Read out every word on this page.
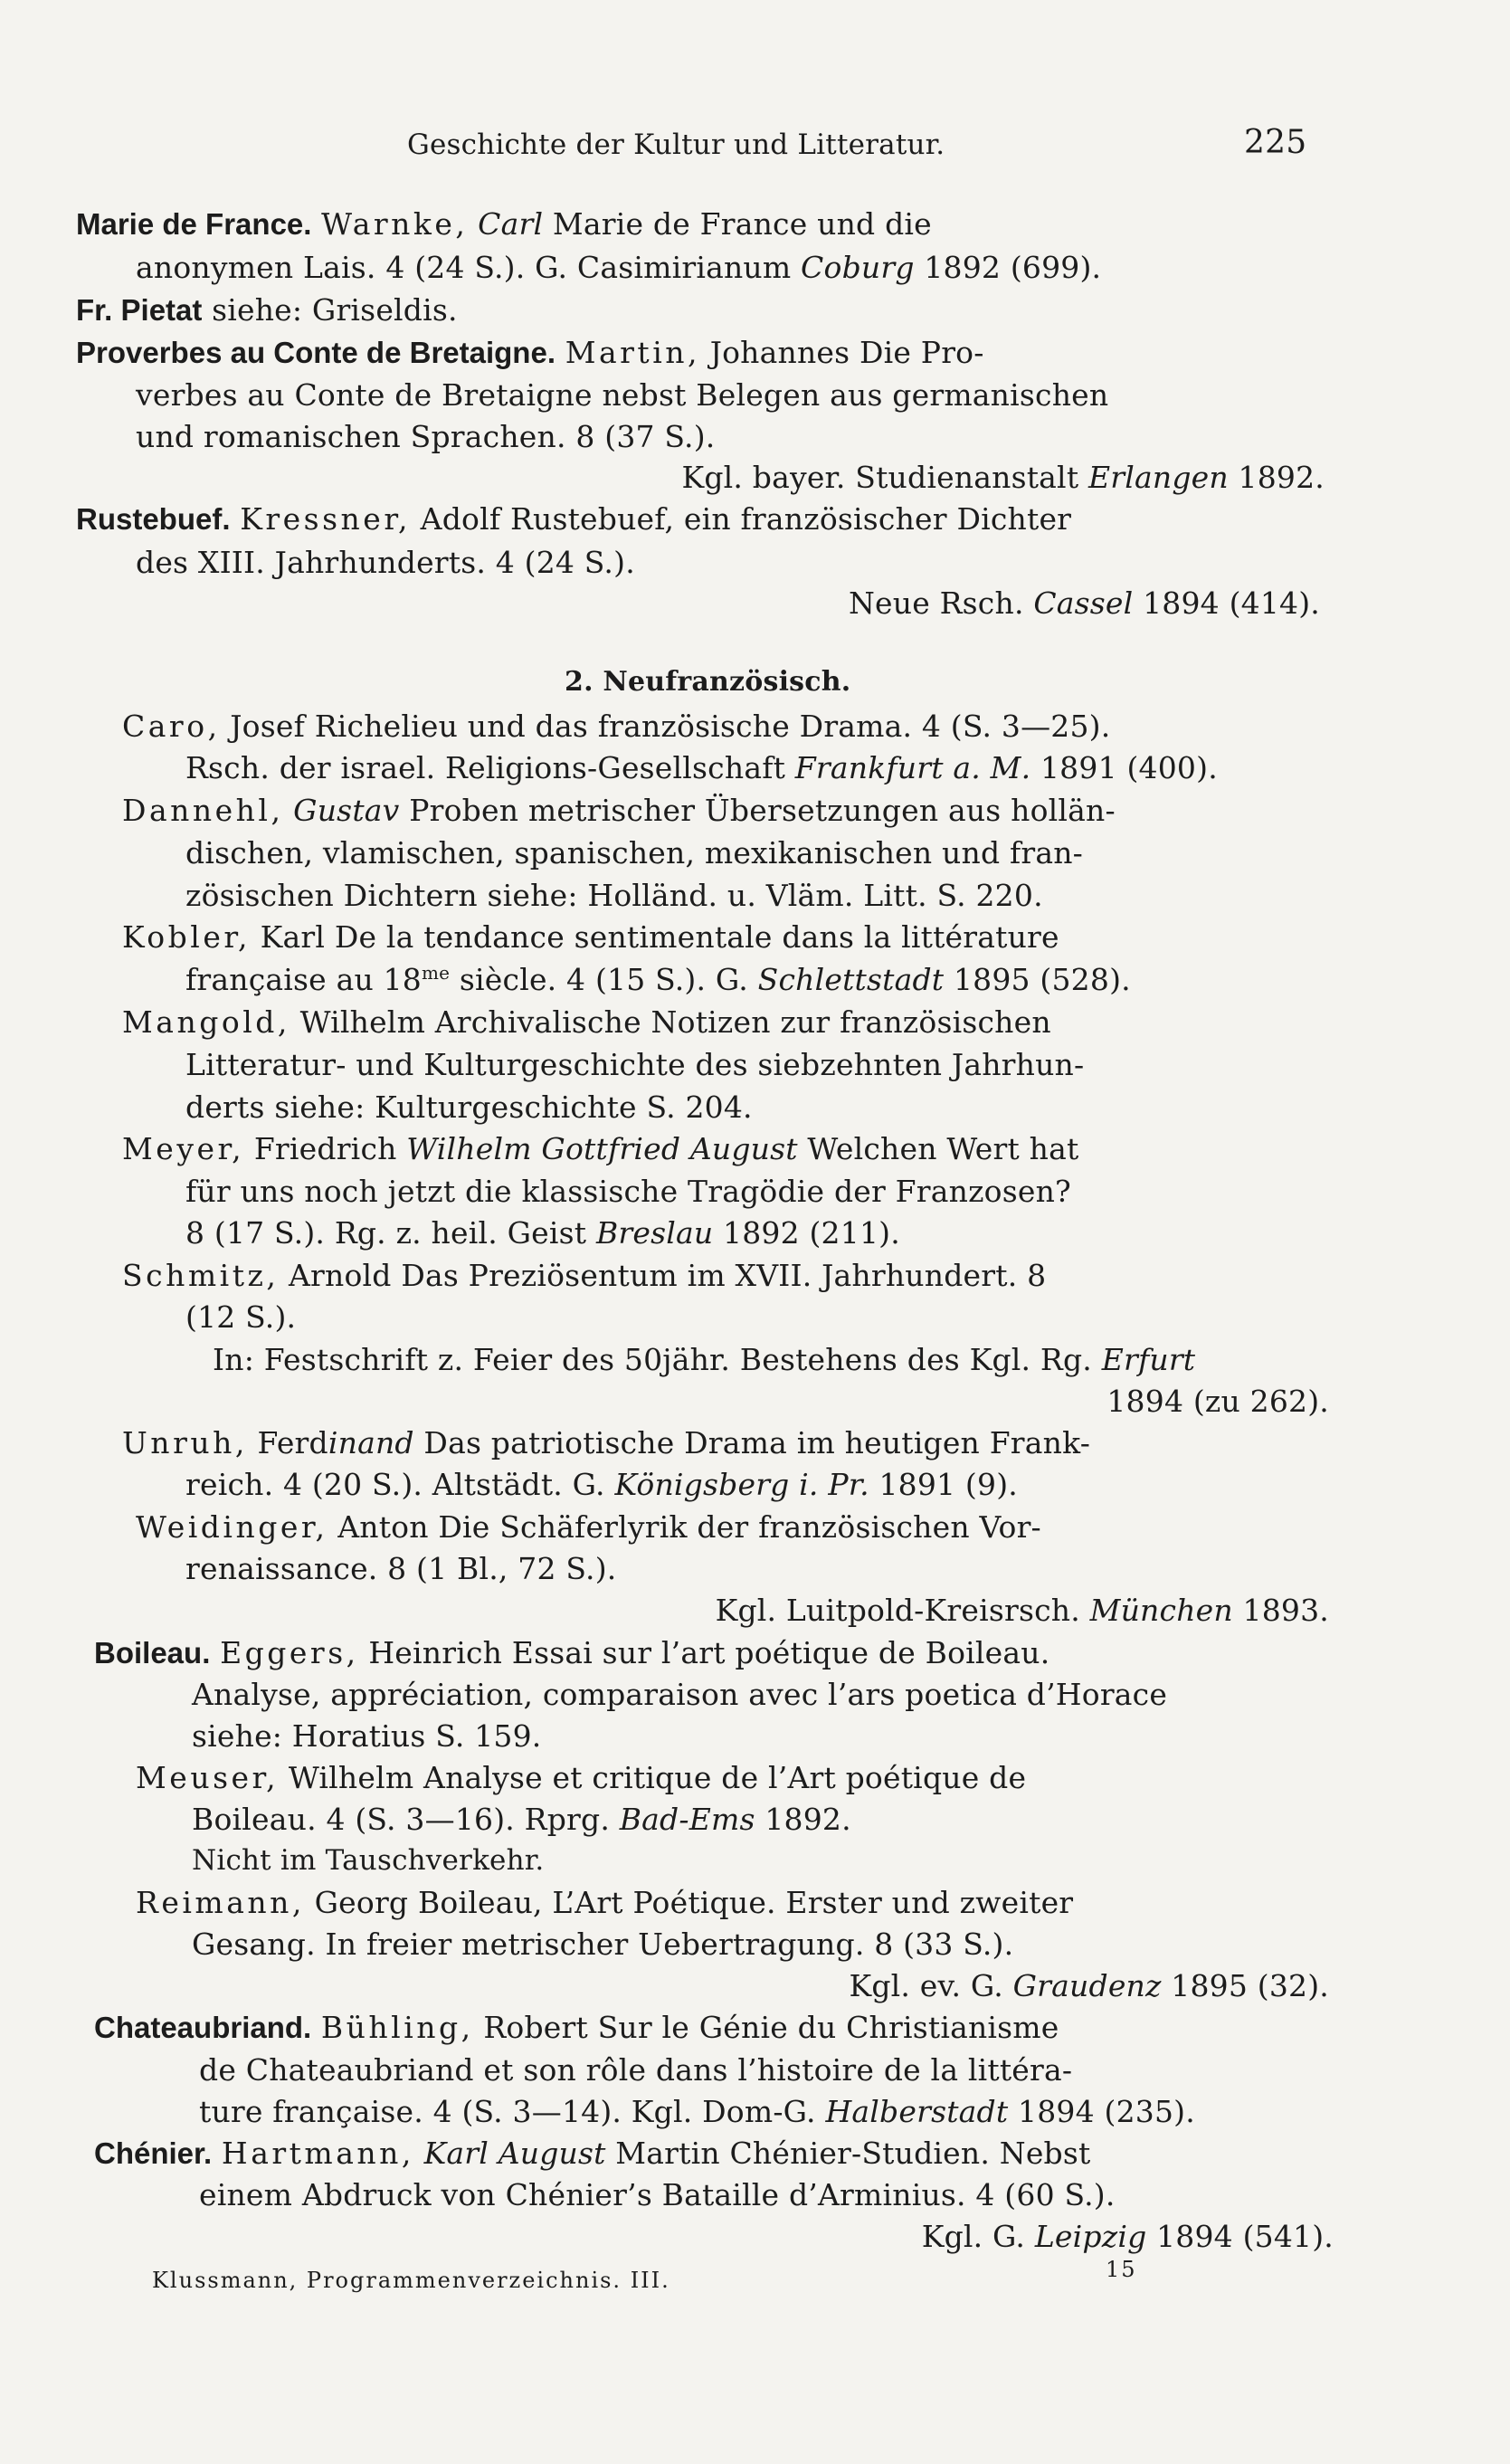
Geschichte der Kultur und Litteratur.	225
Marie de France. Warnke, Carl Marie de France und die
anonymen Lais. 4 (24 S.). G. Casimirianum Coburg 1892 (699).
Fr. Pietat siehe: Griseldis.
Proverbes au Conte de Bretaigne. Martin, Johannes Die Pro-
verbes au Conte de Bretaigne nebst Belegen aus germanischen
und romanischen Sprachen. 8 (37 S.).
Kgl. bayer. Studienanstalt Erlangen 1892.
Rustebuef. Kressner, Adolf Rustebuef, ein französischer Dichter
des XIII. Jahrhunderts. 4 (24 S.).
Neue Rsch. Cassel 1894 (414).
2. Neufranzösisch.
Caro, Josef Richelieu und das französische Drama. 4 (S. 3—25).
Rsch. der israel. Religions-Gesellschaft Frankfurt a. M. 1891 (400).
Dannehl, Gustav Proben metrischer Übersetzungen aus hollän-
dischen, vlamischen, spanischen, mexikanischen und fran-
zösischen Dichtern siehe: Holländ. u. Vläm. Litt. S. 220.
Kobler, Karl De la tendance sentimentale dans la littérature
française au $18^{me}$ siècle. 4 (15 S.). G. Schlettstadt 1895 (528).
Mangold, Wilhelm Archivalische Notizen zur französischen
Litteratur- und Kulturgeschichte des siebzehnten Jahrhun-
derts siehe: Kulturgeschichte S. 204.
Meyer, Friedrich Wilhelm Gottfried August Welchen Wert hat
für uns noch jetzt die klassische Tragödie der Franzosen?
8 (17 S.). Rg. z. heil. Geist Breslau 1892 (211).
Schmitz, Arnold Das Preziösentum im XVII. Jahrhundert. 8
(12 S.).
In: Festschrift z. Feier des 50jähr. Bestehens des Kgl. Rg. Erfurt
1894 (zu 262).
Unruh, Ferdinand Das patriotische Drama im heutigen Frank-
reich. 4 (20 S.). Altstädt. G. Königsberg i. Pr. 1891 (9).
Weidinger, Anton Die Schäferlyrik der französischen Vor-
renaissance. 8 (1 Bl., 72 S.).
Kgl. Luitpold-Kreisrsch. München 1893.
Boileau. Eggers, Heinrich Essai sur l’art poétique de Boileau.
Analyse, appréciation, comparaison avec l’ars poetica d’Horace
siehe: Horatius S. 159.
Meuser, Wilhelm Analyse et critique de l’Art poétique de
Boileau. 4 (S. 3—16). Rprg. Bad-Ems 1892.
Nicht im Tauschverkehr.
Reimann, Georg Boileau, L’Art Poétique. Erster und zweiter
Gesang. In freier metrischer Uebertragung. 8 (33 S.).
Kgl. ev. G. Graudenz 1895 (32).
Chateaubriand. Bühling, Robert Sur le Génie du Christianisme
de Chateaubriand et son rôle dans l’histoire de la littéra-
ture française. 4 (S. 3—14). Kgl. Dom-G. Halberstadt 1894 (235).
Chénier. Hartmann, Karl August Martin Chénier-Studien. Nebst
einem Abdruck von Chénier’s Bataille d’Arminius. 4 (60 S.).
Kgl. G. Leipzig 1894 (541).
Klussmann, Programmenverzeichnis. III.	15
